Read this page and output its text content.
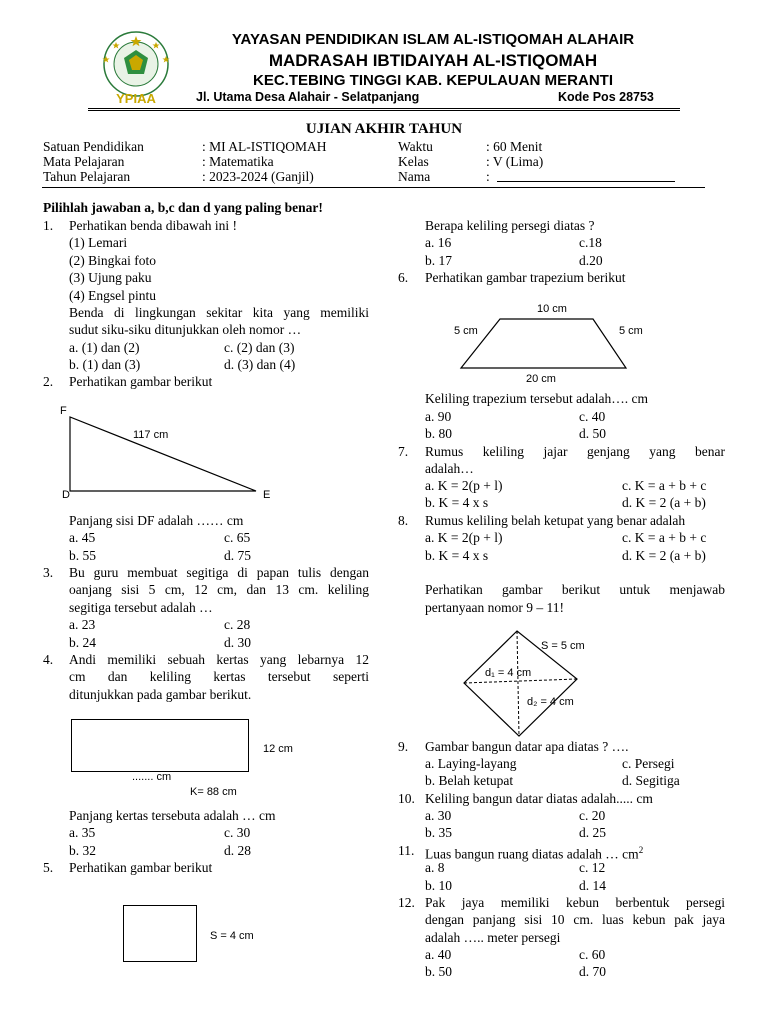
YPIAA
YAYASAN PENDIDIKAN ISLAM AL-ISTIQOMAH ALAHAIR
MADRASAH IBTIDAIYAH AL-ISTIQOMAH
KEC.TEBING TINGGI KAB. KEPULAUAN MERANTI
Jl. Utama Desa Alahair - Selatpanjang	Kode Pos 28753
UJIAN AKHIR TAHUN
Satuan Pendidikan	: MI AL-ISTIQOMAH
Mata Pelajaran	: Matematika
Tahun Pelajaran	: 2023-2024 (Ganjil)
Waktu	: 60 Menit
Kelas	: V (Lima)
Nama	:
Pilihlah jawaban a, b,c dan d yang paling benar!
1. Perhatikan benda dibawah ini !
(1) Lemari
(2) Bingkai foto
(3) Ujung paku
(4) Engsel pintu
Benda di lingkungan sekitar kita yang memiliki
sudut siku-siku ditunjukkan oleh nomor …
a. (1) dan (2)	c. (2) dan (3)
b. (1) dan (3)	d. (3) dan (4)
2. Perhatikan gambar berikut
F
D	E
117 cm
Panjang sisi DF adalah …… cm
a. 45	c. 65
b. 55	d. 75
3. Bu guru membuat segitiga di papan tulis dengan
oanjang sisi 5 cm, 12 cm, dan 13 cm. keliling
segitiga tersebut adalah …
a. 23	c. 28
b. 24	d. 30
4. Andi memiliki sebuah kertas yang lebarnya 12
cm dan keliling kertas tersebut seperti
ditunjukkan pada gambar berikut.
12 cm
....... cm
K= 88 cm
Panjang kertas tersebuta adalah … cm
a. 35	c. 30
b. 32	d. 28
5. Perhatikan gambar berikut
S = 4 cm
Berapa keliling persegi diatas ?
a. 16	c.18
b. 17	d.20
6. Perhatikan gambar trapezium berikut
10 cm
5 cm	5 cm
20 cm
Keliling trapezium tersebut adalah…. cm
a. 90	c. 40
b. 80	d. 50
7. Rumus keliling jajar genjang yang benar
adalah…
a. K = 2(p + l)	c. K = a + b + c
b. K = 4 x s	d. K = 2 (a + b)
8. Rumus keliling belah ketupat yang benar adalah
a. K = 2(p + l)	c. K = a + b + c
b. K = 4 x s	d. K = 2 (a + b)
Perhatikan gambar berikut untuk menjawab
pertanyaan nomor 9 – 11!
S = 5 cm
d₁ = 4 cm
d₂ = 4 cm
9. Gambar bangun datar apa diatas ? ….
a. Laying-layang	c. Persegi
b. Belah ketupat	d. Segitiga
10. Keliling bangun datar diatas adalah..... cm
a. 30	c. 20
b. 35	d. 25
11. Luas bangun ruang diatas adalah … $cm^2$
a. 8	c. 12
b. 10	d. 14
12. Pak jaya memiliki kebun berbentuk persegi
dengan panjang sisi 10 cm. luas kebun pak jaya
adalah ….. meter persegi
a. 40	c. 60
b. 50	d. 70
